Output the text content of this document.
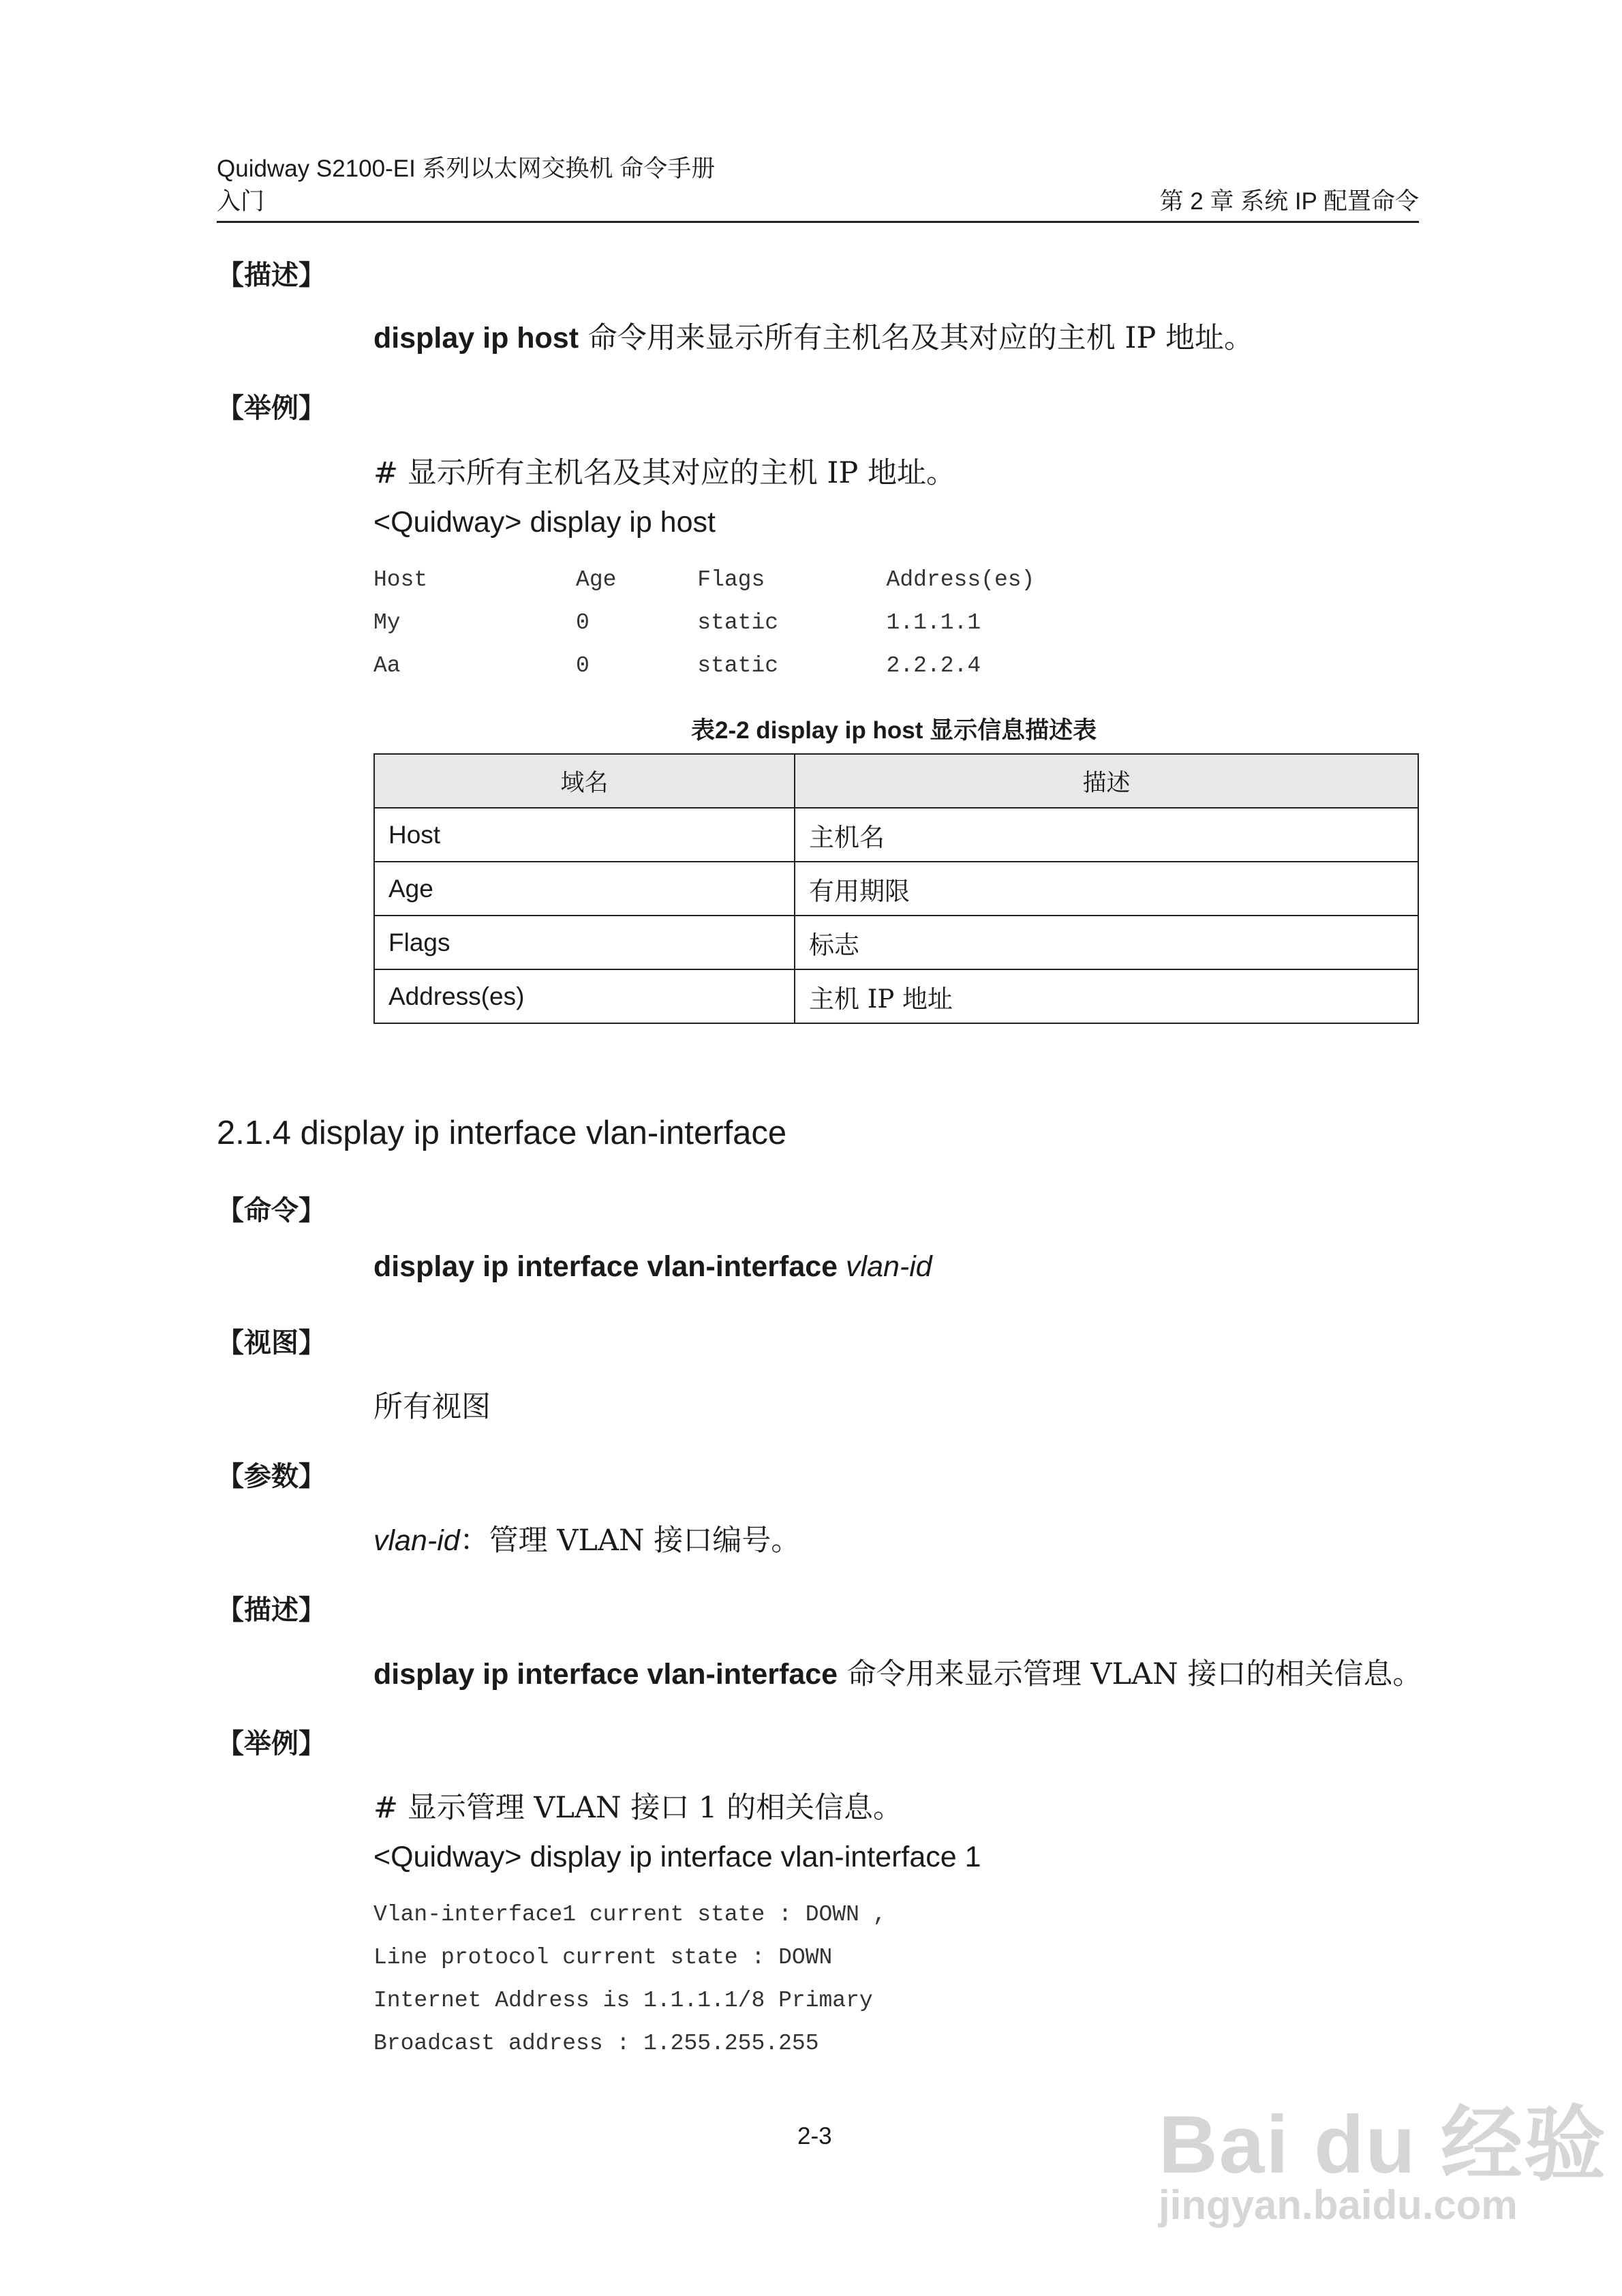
Quidway S2100-EI 系列以太网交换机 命令手册
入门	第 2 章 系统 IP 配置命令
【描述】
display ip host 命令用来显示所有主机名及其对应的主机 IP 地址。
【举例】
# 显示所有主机名及其对应的主机 IP 地址。
<Quidway> display ip host
Host           Age      Flags         Address(es)
My             0        static        1.1.1.1
Aa             0        static        2.2.2.4
表2-2 display ip host 显示信息描述表
域名	描述
Host	主机名
Age	有用期限
Flags	标志
Address(es)	主机 IP 地址
2.1.4 display ip interface vlan-interface
【命令】
display ip interface vlan-interface vlan-id
【视图】
所有视图
【参数】
vlan-id：管理 VLAN 接口编号。
【描述】
display ip interface vlan-interface 命令用来显示管理 VLAN 接口的相关信息。
【举例】
# 显示管理 VLAN 接口 1 的相关信息。
<Quidway> display ip interface vlan-interface 1
Vlan-interface1 current state : DOWN ,
Line protocol current state : DOWN
Internet Address is 1.1.1.1/8 Primary
Broadcast address : 1.255.255.255
2-3	Bai du 经验
jingyan.baidu.com
